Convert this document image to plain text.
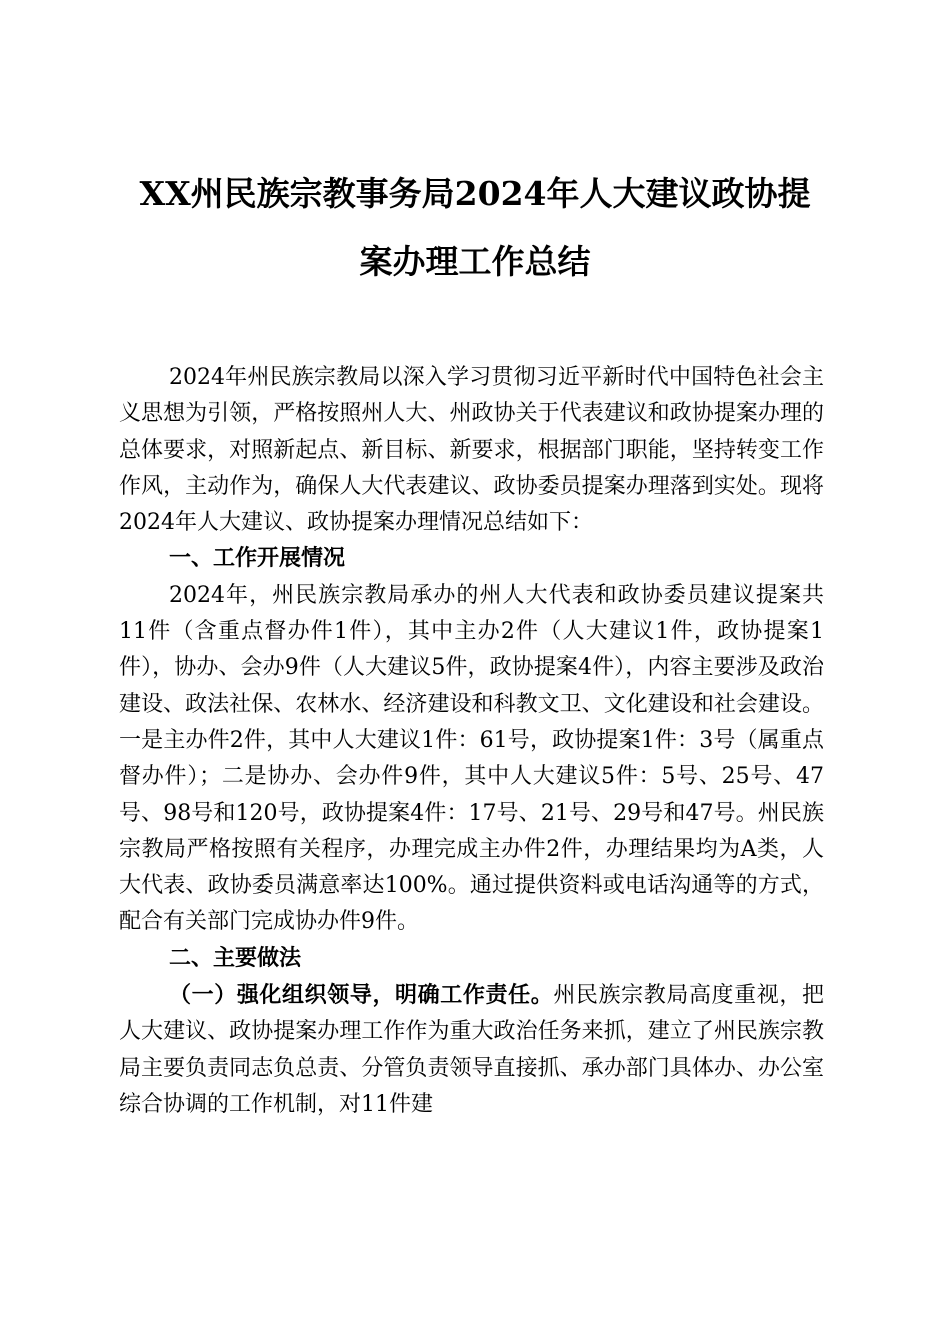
XX州民族宗教事务局2024年人大建议政协提
案办理工作总结

2024年州民族宗教局以深入学习贯彻习近平新时代中国特色社会主义思想为引领，严格按照州人大、州政协关于代表建议和政协提案办理的总体要求，对照新起点、新目标、新要求，根据部门职能，坚持转变工作作风，主动作为，确保人大代表建议、政协委员提案办理落到实处。现将2024年人大建议、政协提案办理情况总结如下：

一、工作开展情况

2024年，州民族宗教局承办的州人大代表和政协委员建议提案共11件（含重点督办件1件），其中主办2件（人大建议1件，政协提案1件），协办、会办9件（人大建议5件，政协提案4件），内容主要涉及政治建设、政法社保、农林水、经济建设和科教文卫、文化建设和社会建设。一是主办件2件，其中人大建议1件：61号，政协提案1件：3号（属重点督办件）；二是协办、会办件9件，其中人大建议5件：5号、25号、47号、98号和120号，政协提案4件：17号、21号、29号和47号。州民族宗教局严格按照有关程序，办理完成主办件2件，办理结果均为A类，人大代表、政协委员满意率达100%。通过提供资料或电话沟通等的方式，配合有关部门完成协办件9件。

二、主要做法

（一）强化组织领导，明确工作责任。州民族宗教局高度重视，把人大建议、政协提案办理工作作为重大政治任务来抓，建立了州民族宗教局主要负责同志负总责、分管负责领导直接抓、承办部门具体办、办公室综合协调的工作机制，对11件建
